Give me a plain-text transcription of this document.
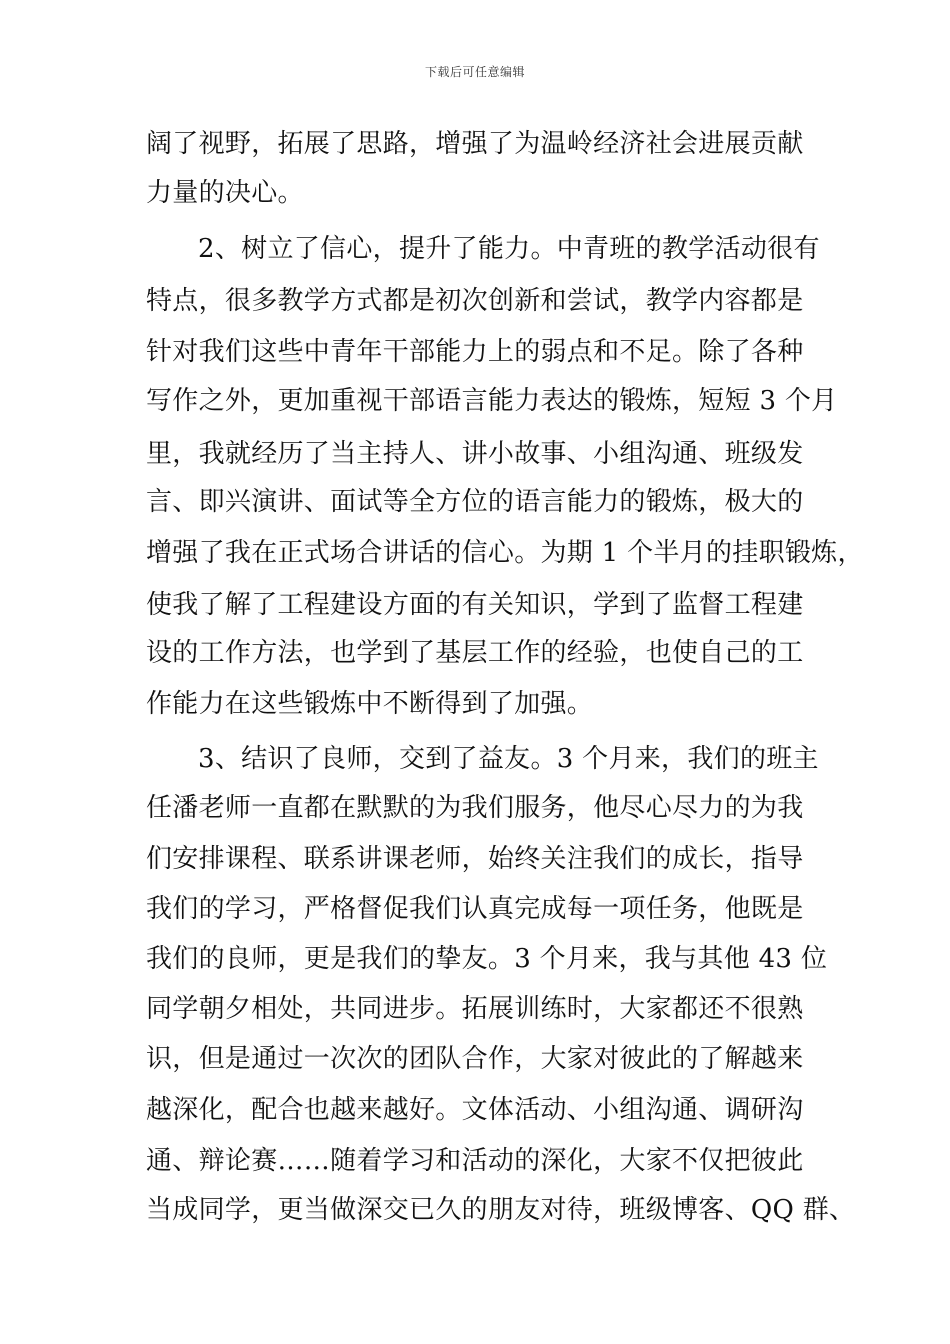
下载后可任意编辑
阔了视野，拓展了思路，增强了为温岭经济社会进展贡献
力量的决心。
2、树立了信心，提升了能力。中青班的教学活动很有
特点，很多教学方式都是初次创新和尝试，教学内容都是
针对我们这些中青年干部能力上的弱点和不足。除了各种
写作之外，更加重视干部语言能力表达的锻炼，短短 3 个月
里，我就经历了当主持人、讲小故事、小组沟通、班级发
言、即兴演讲、面试等全方位的语言能力的锻炼，极大的
增强了我在正式场合讲话的信心。为期 1 个半月的挂职锻炼，
使我了解了工程建设方面的有关知识，学到了监督工程建
设的工作方法，也学到了基层工作的经验，也使自己的工
作能力在这些锻炼中不断得到了加强。
3、结识了良师，交到了益友。3 个月来，我们的班主
任潘老师一直都在默默的为我们服务，他尽心尽力的为我
们安排课程、联系讲课老师，始终关注我们的成长，指导
我们的学习，严格督促我们认真完成每一项任务，他既是
我们的良师，更是我们的挚友。3 个月来，我与其他 43 位
同学朝夕相处，共同进步。拓展训练时，大家都还不很熟
识，但是通过一次次的团队合作，大家对彼此的了解越来
越深化，配合也越来越好。文体活动、小组沟通、调研沟
通、辩论赛……随着学习和活动的深化，大家不仅把彼此
当成同学，更当做深交已久的朋友对待，班级博客、QQ 群、
